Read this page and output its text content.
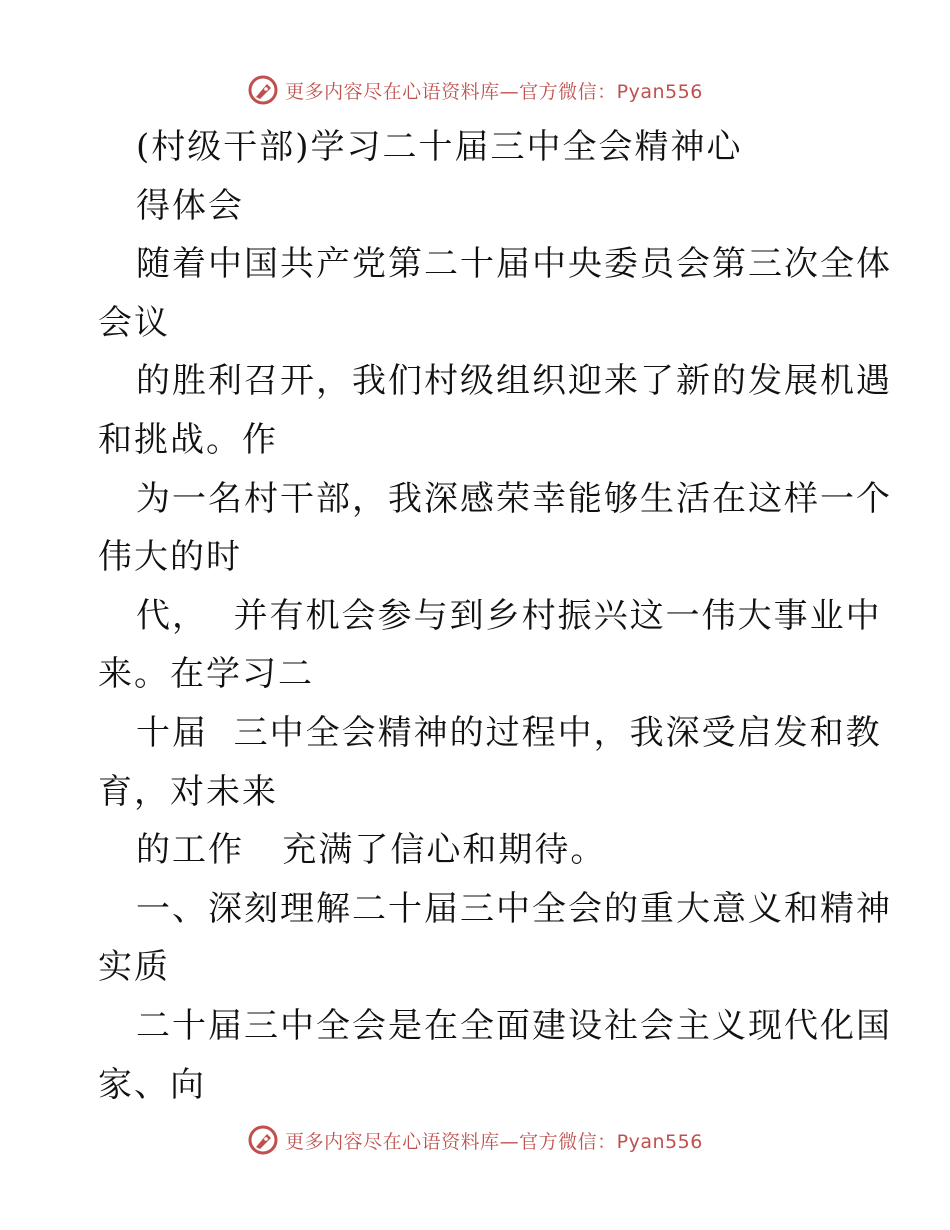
更多内容尽在心语资料库—官方微信：Pyan556
(村级干部)学习二十届三中全会精神心
得体会
随着中国共产党第二十届中央委员会第三次全体
会议
的胜利召开，我们村级组织迎来了新的发展机遇
和挑战。作
为一名村干部，我深感荣幸能够生活在这样一个
伟大的时
代，  并有机会参与到乡村振兴这一伟大事业中
来。在学习二
十届  三中全会精神的过程中，我深受启发和教
育，对未来
的工作   充满了信心和期待。
一、深刻理解二十届三中全会的重大意义和精神
实质
二十届三中全会是在全面建设社会主义现代化国
家、向
更多内容尽在心语资料库—官方微信：Pyan556
